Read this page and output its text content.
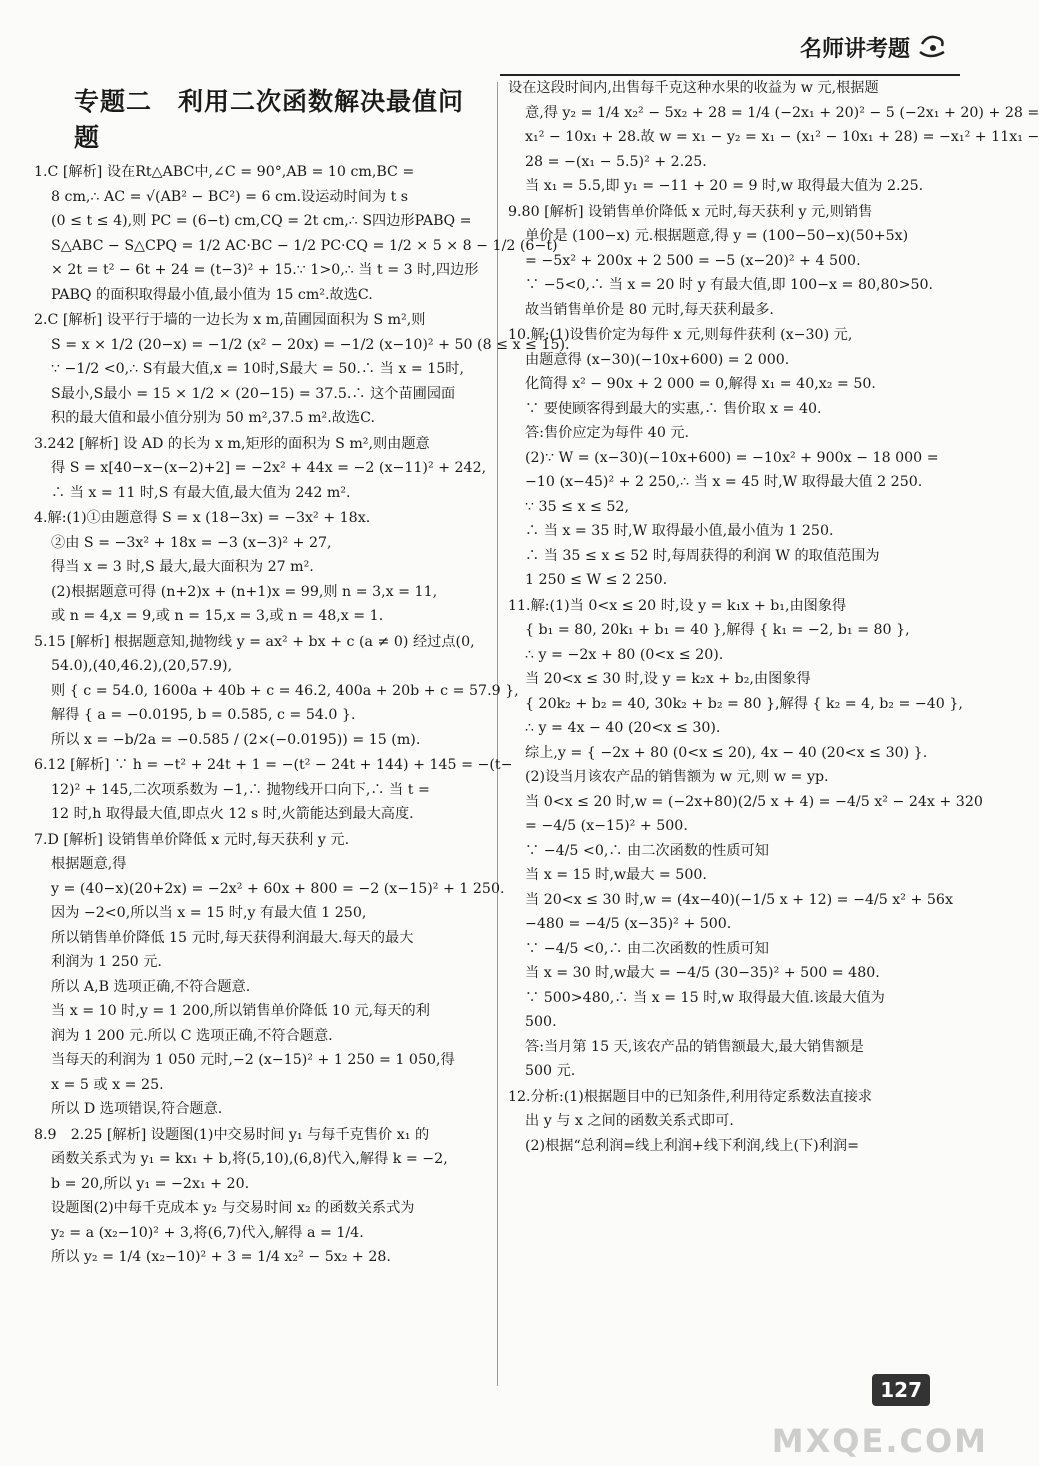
名师讲考题
专题二　利用二次函数解决最值问题
1.C [解析] 设在Rt△ABC中,∠C = 90°,AB = 10 cm,BC =
8 cm,∴ AC = √(AB² − BC²) = 6 cm.设运动时间为 t s
(0 ≤ t ≤ 4),则 PC = (6−t) cm,CQ = 2t cm,∴ S四边形PABQ =
S△ABC − S△CPQ = 1/2 AC·BC − 1/2 PC·CQ = 1/2 × 5 × 8 − 1/2 (6−t)
× 2t = t² − 6t + 24 = (t−3)² + 15.∵ 1>0,∴ 当 t = 3 时,四边形
PABQ 的面积取得最小值,最小值为 15 cm².故选C.
2.C [解析] 设平行于墙的一边长为 x m,苗圃园面积为 S m²,则
S = x × 1/2 (20−x) = −1/2 (x² − 20x) = −1/2 (x−10)² + 50 (8 ≤ x ≤ 15).
∵ −1/2 <0,∴ S有最大值,x = 10时,S最大 = 50.∴ 当 x = 15时,
S最小,S最小 = 15 × 1/2 × (20−15) = 37.5.∴ 这个苗圃园面
积的最大值和最小值分别为 50 m²,37.5 m².故选C.
3.242 [解析] 设 AD 的长为 x m,矩形的面积为 S m²,则由题意
得 S = x[40−x−(x−2)+2] = −2x² + 44x = −2 (x−11)² + 242,
∴ 当 x = 11 时,S 有最大值,最大值为 242 m².
4.解:(1)①由题意得 S = x (18−3x) = −3x² + 18x.
②由 S = −3x² + 18x = −3 (x−3)² + 27,
得当 x = 3 时,S 最大,最大面积为 27 m².
(2)根据题意可得 (n+2)x + (n+1)x = 99,则 n = 3,x = 11,
或 n = 4,x = 9,或 n = 15,x = 3,或 n = 48,x = 1.
5.15 [解析] 根据题意知,抛物线 y = ax² + bx + c (a ≠ 0) 经过点(0,
54.0),(40,46.2),(20,57.9),
则 { c = 54.0, 1600a + 40b + c = 46.2, 400a + 20b + c = 57.9 },
解得 { a = −0.0195, b = 0.585, c = 54.0 }.
所以 x = −b/2a = −0.585 / (2×(−0.0195)) = 15 (m).
6.12 [解析] ∵ h = −t² + 24t + 1 = −(t² − 24t + 144) + 145 = −(t−
12)² + 145,二次项系数为 −1,∴ 抛物线开口向下,∴ 当 t =
12 时,h 取得最大值,即点火 12 s 时,火箭能达到最大高度.
7.D [解析] 设销售单价降低 x 元时,每天获利 y 元.
根据题意,得
y = (40−x)(20+2x) = −2x² + 60x + 800 = −2 (x−15)² + 1 250.
因为 −2<0,所以当 x = 15 时,y 有最大值 1 250,
所以销售单价降低 15 元时,每天获得利润最大.每天的最大
利润为 1 250 元.
所以 A,B 选项正确,不符合题意.
当 x = 10 时,y = 1 200,所以销售单价降低 10 元,每天的利
润为 1 200 元.所以 C 选项正确,不符合题意.
当每天的利润为 1 050 元时,−2 (x−15)² + 1 250 = 1 050,得
x = 5 或 x = 25.
所以 D 选项错误,符合题意.
8.9　2.25 [解析] 设题图(1)中交易时间 y₁ 与每千克售价 x₁ 的
函数关系式为 y₁ = kx₁ + b,将(5,10),(6,8)代入,解得 k = −2,
b = 20,所以 y₁ = −2x₁ + 20.
设题图(2)中每千克成本 y₂ 与交易时间 x₂ 的函数关系式为
y₂ = a (x₂−10)² + 3,将(6,7)代入,解得 a = 1/4.
所以 y₂ = 1/4 (x₂−10)² + 3 = 1/4 x₂² − 5x₂ + 28.
设在这段时间内,出售每千克这种水果的收益为 w 元,根据题
意,得 y₂ = 1/4 x₂² − 5x₂ + 28 = 1/4 (−2x₁ + 20)² − 5 (−2x₁ + 20) + 28 =
x₁² − 10x₁ + 28.故 w = x₁ − y₂ = x₁ − (x₁² − 10x₁ + 28) = −x₁² + 11x₁ −
28 = −(x₁ − 5.5)² + 2.25.
当 x₁ = 5.5,即 y₁ = −11 + 20 = 9 时,w 取得最大值为 2.25.
9.80 [解析] 设销售单价降低 x 元时,每天获利 y 元,则销售
单价是 (100−x) 元.根据题意,得 y = (100−50−x)(50+5x)
= −5x² + 200x + 2 500 = −5 (x−20)² + 4 500.
∵ −5<0,∴ 当 x = 20 时 y 有最大值,即 100−x = 80,80>50.
故当销售单价是 80 元时,每天获利最多.
10.解:(1)设售价定为每件 x 元,则每件获利 (x−30) 元,
由题意得 (x−30)(−10x+600) = 2 000.
化简得 x² − 90x + 2 000 = 0,解得 x₁ = 40,x₂ = 50.
∵ 要使顾客得到最大的实惠,∴ 售价取 x = 40.
答:售价应定为每件 40 元.
(2)∵ W = (x−30)(−10x+600) = −10x² + 900x − 18 000 =
−10 (x−45)² + 2 250,∴ 当 x = 45 时,W 取得最大值 2 250.
∵ 35 ≤ x ≤ 52,
∴ 当 x = 35 时,W 取得最小值,最小值为 1 250.
∴ 当 35 ≤ x ≤ 52 时,每周获得的利润 W 的取值范围为
1 250 ≤ W ≤ 2 250.
11.解:(1)当 0<x ≤ 20 时,设 y = k₁x + b₁,由图象得
{ b₁ = 80, 20k₁ + b₁ = 40 },解得 { k₁ = −2, b₁ = 80 },
∴ y = −2x + 80 (0<x ≤ 20).
当 20<x ≤ 30 时,设 y = k₂x + b₂,由图象得
{ 20k₂ + b₂ = 40, 30k₂ + b₂ = 80 },解得 { k₂ = 4, b₂ = −40 },
∴ y = 4x − 40 (20<x ≤ 30).
综上,y = { −2x + 80 (0<x ≤ 20), 4x − 40 (20<x ≤ 30) }.
(2)设当月该农产品的销售额为 w 元,则 w = yp.
当 0<x ≤ 20 时,w = (−2x+80)(2/5 x + 4) = −4/5 x² − 24x + 320
= −4/5 (x−15)² + 500.
∵ −4/5 <0,∴ 由二次函数的性质可知
当 x = 15 时,w最大 = 500.
当 20<x ≤ 30 时,w = (4x−40)(−1/5 x + 12) = −4/5 x² + 56x
−480 = −4/5 (x−35)² + 500.
∵ −4/5 <0,∴ 由二次函数的性质可知
当 x = 30 时,w最大 = −4/5 (30−35)² + 500 = 480.
∵ 500>480,∴ 当 x = 15 时,w 取得最大值.该最大值为
500.
答:当月第 15 天,该农产品的销售额最大,最大销售额是
500 元.
12.分析:(1)根据题目中的已知条件,利用待定系数法直接求
出 y 与 x 之间的函数关系式即可.
(2)根据“总利润=线上利润+线下利润,线上(下)利润=
127
MXQE.COM
